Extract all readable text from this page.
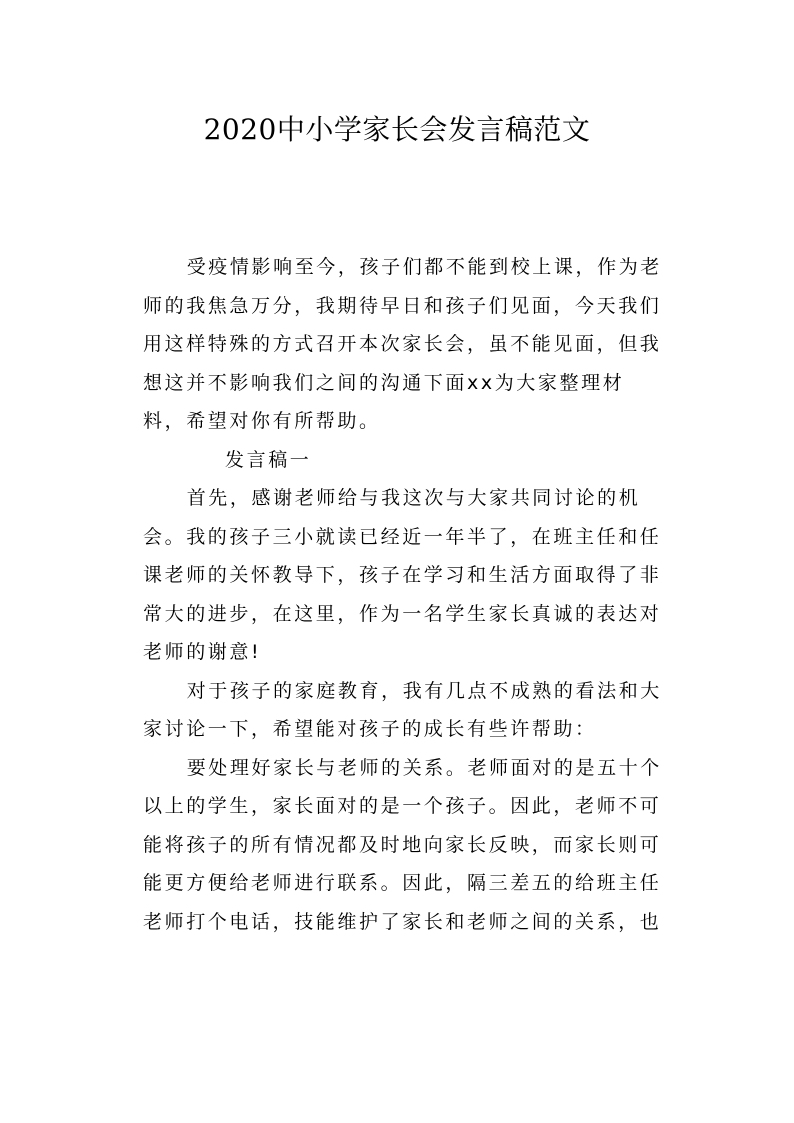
2020中小学家长会发言稿范文

受疫情影响至今，孩子们都不能到校上课，作为老师的我焦急万分，我期待早日和孩子们见面，今天我们用这样特殊的方式召开本次家长会，虽不能见面，但我想这并不影响我们之间的沟通下面xx为大家整理材料，希望对你有所帮助。

发言稿一

首先，感谢老师给与我这次与大家共同讨论的机会。我的孩子三小就读已经近一年半了，在班主任和任课老师的关怀教导下，孩子在学习和生活方面取得了非常大的进步，在这里，作为一名学生家长真诚的表达对老师的谢意!

对于孩子的家庭教育，我有几点不成熟的看法和大家讨论一下，希望能对孩子的成长有些许帮助：

要处理好家长与老师的关系。老师面对的是五十个以上的学生，家长面对的是一个孩子。因此，老师不可能将孩子的所有情况都及时地向家长反映，而家长则可能更方便给老师进行联系。因此，隔三差五的给班主任老师打个电话，技能维护了家长和老师之间的关系，也
